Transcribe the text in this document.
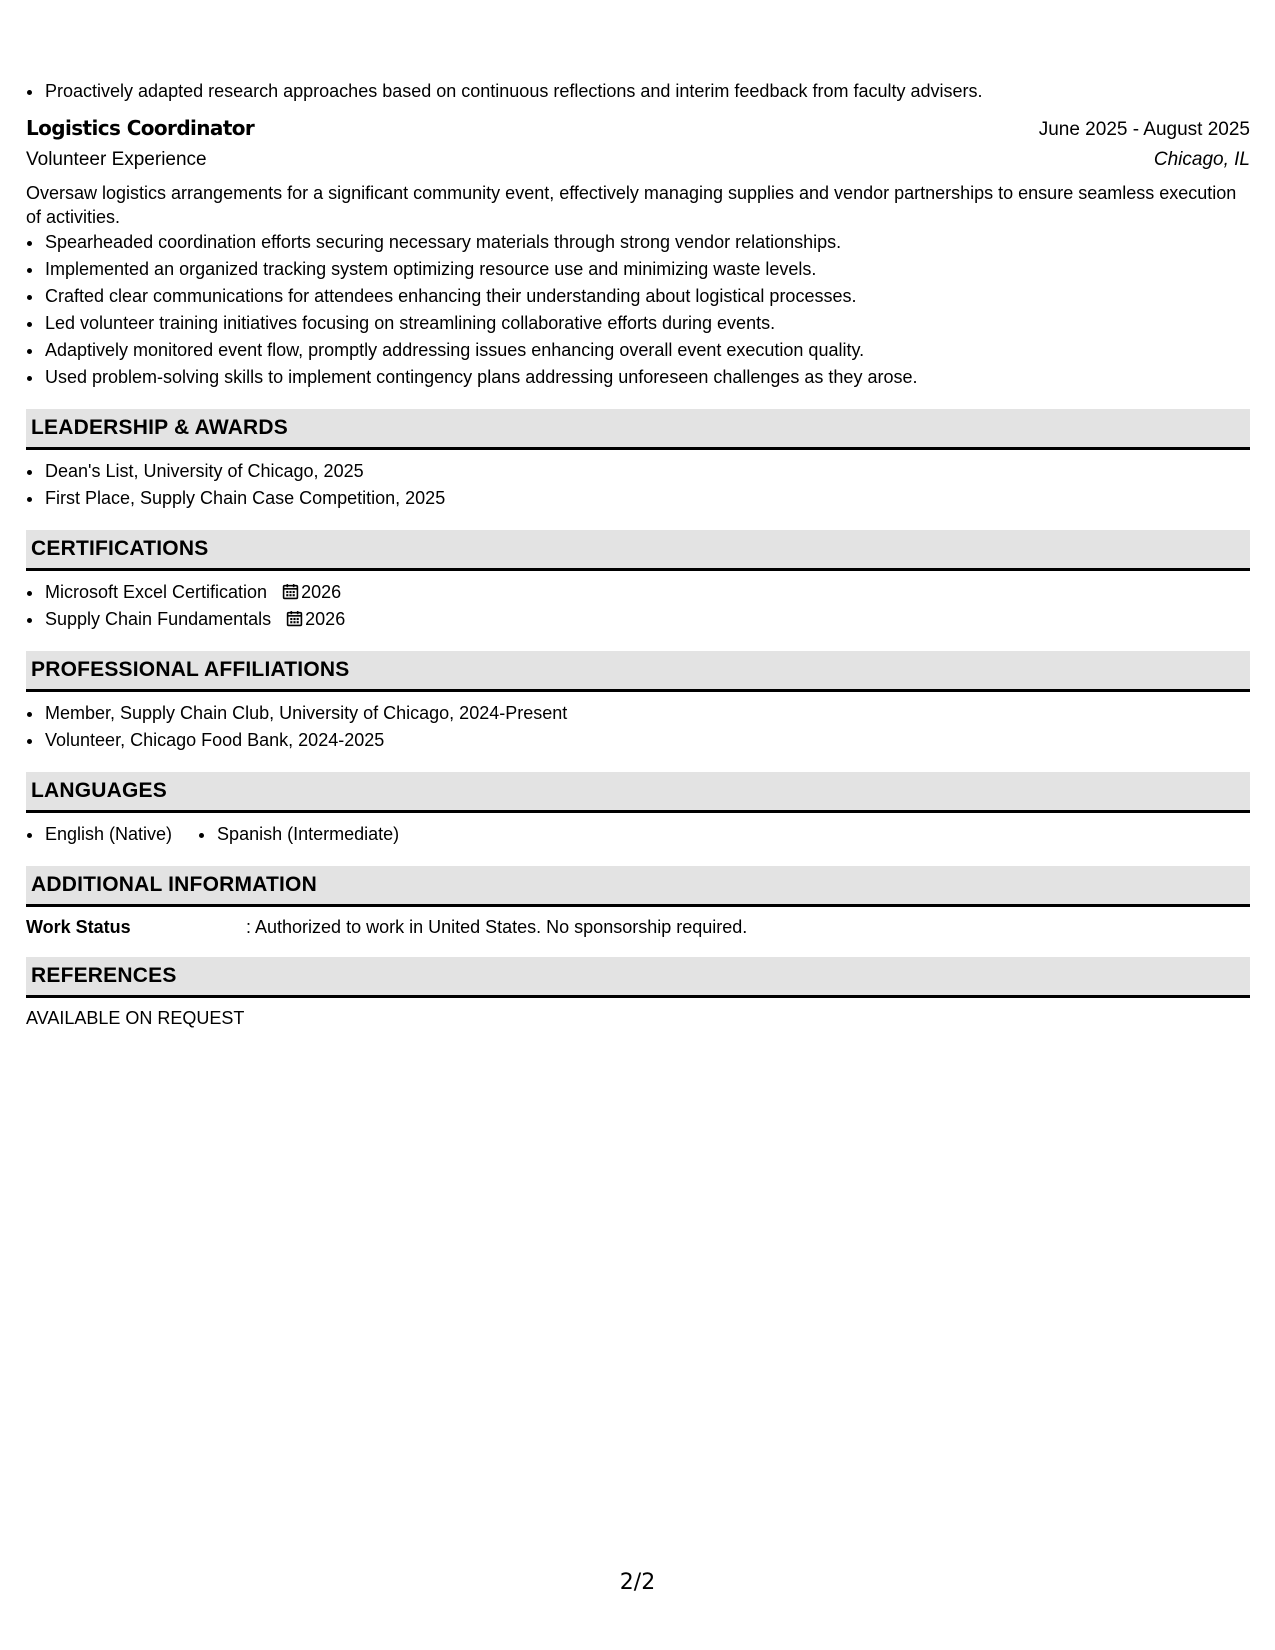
• Proactively adapted research approaches based on continuous reflections and interim feedback from faculty advisers.
Logistics Coordinator	June 2025 - August 2025
Volunteer Experience	Chicago, IL
Oversaw logistics arrangements for a significant community event, effectively managing supplies and vendor partnerships to ensure seamless execution of activities.
• Spearheaded coordination efforts securing necessary materials through strong vendor relationships.
• Implemented an organized tracking system optimizing resource use and minimizing waste levels.
• Crafted clear communications for attendees enhancing their understanding about logistical processes.
• Led volunteer training initiatives focusing on streamlining collaborative efforts during events.
• Adaptively monitored event flow, promptly addressing issues enhancing overall event execution quality.
• Used problem-solving skills to implement contingency plans addressing unforeseen challenges as they arose.
LEADERSHIP & AWARDS
• Dean's List, University of Chicago, 2025
• First Place, Supply Chain Case Competition, 2025
CERTIFICATIONS
• Microsoft Excel Certification 2026
• Supply Chain Fundamentals 2026
PROFESSIONAL AFFILIATIONS
• Member, Supply Chain Club, University of Chicago, 2024-Present
• Volunteer, Chicago Food Bank, 2024-2025
LANGUAGES
• English (Native)
•	Spanish (Intermediate)
ADDITIONAL INFORMATION
Work Status	: Authorized to work in United States. No sponsorship required.
REFERENCES
AVAILABLE ON REQUEST
2/2
